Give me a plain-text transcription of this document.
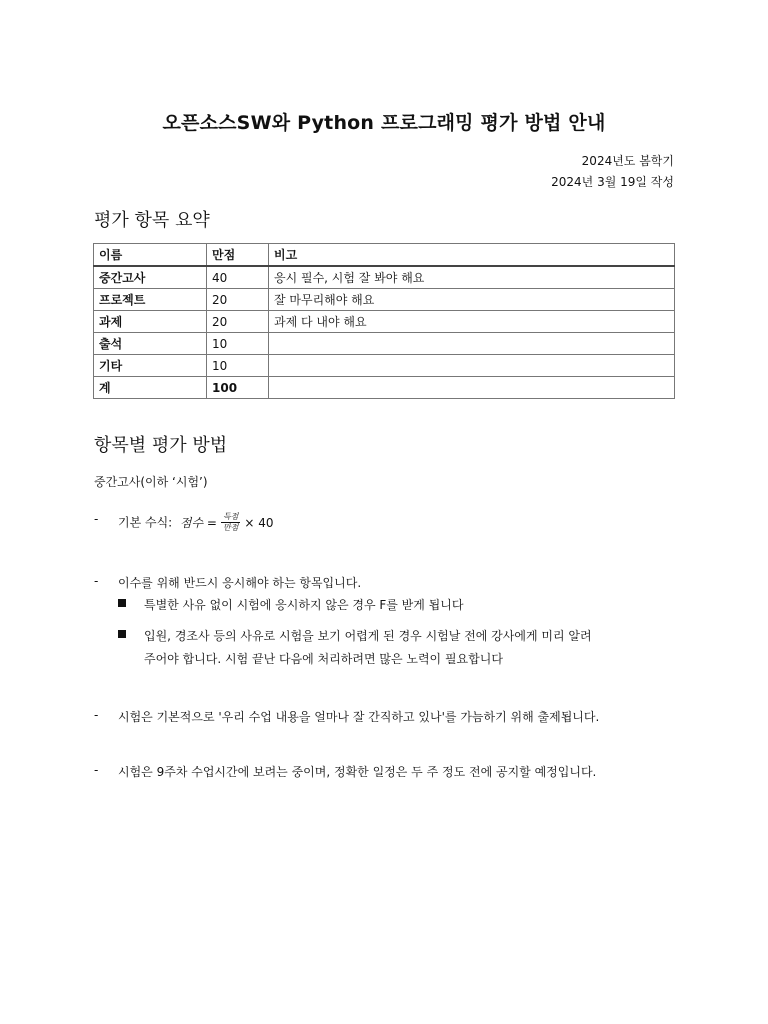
오픈소스SW와 Python 프로그래밍 평가 방법 안내
2024년도 봄학기
2024년 3월 19일 작성
평가 항목 요약
이름	만점	비고
중간고사	40	응시 필수, 시험 잘 봐야 해요
프로젝트	20	잘 마무리해야 해요
과제	20	과제 다 내야 해요
출석	10	
기타	10	
계	100	
항목별 평가 방법
중간고사(이하 ‘시험’)
- 기본 수식: 점수 = $\frac{\text{득점}}{\text{만점}} \times 40$
- 이수를 위해 반드시 응시해야 하는 항목입니다.
특별한 사유 없이 시험에 응시하지 않은 경우 F를 받게 됩니다
입원, 경조사 등의 사유로 시험을 보기 어렵게 된 경우 시험날 전에 강사에게 미리 알려
주어야 합니다. 시험 끝난 다음에 처리하려면 많은 노력이 필요합니다
- 시험은 기본적으로 '우리 수업 내용을 얼마나 잘 간직하고 있나'를 가늠하기 위해 출제됩니다.
- 시험은 9주차 수업시간에 보려는 중이며, 정확한 일정은 두 주 정도 전에 공지할 예정입니다.
